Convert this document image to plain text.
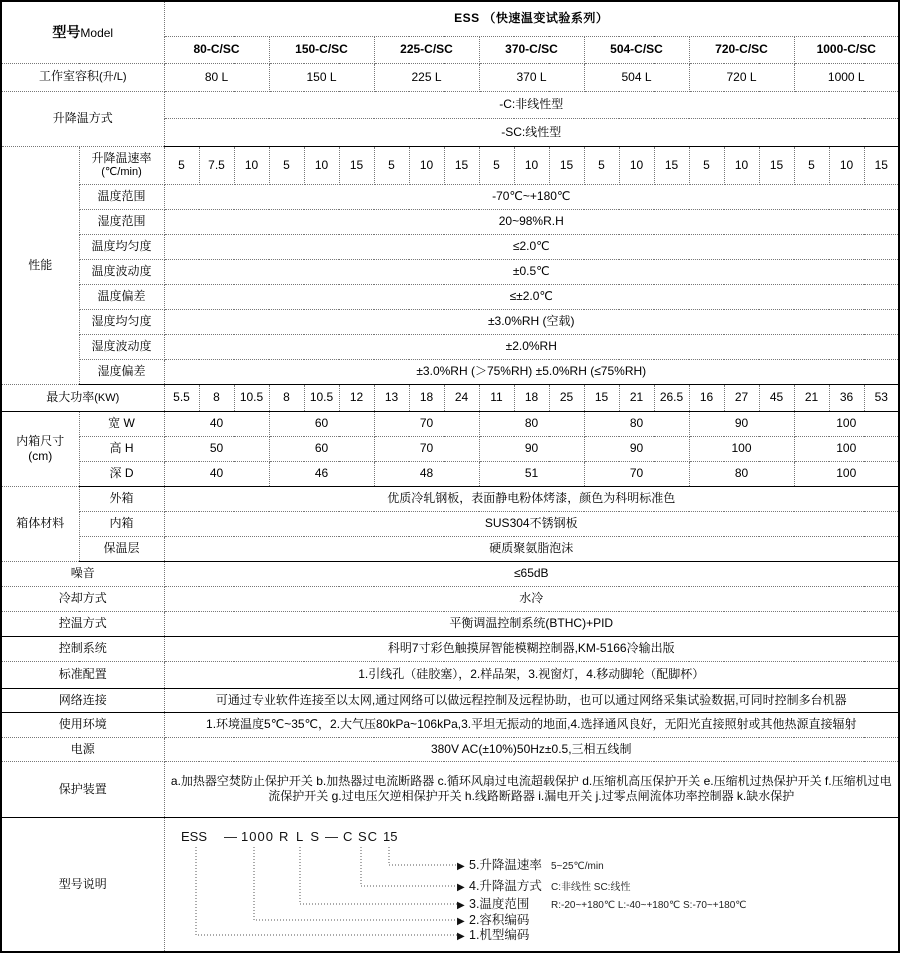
型号Model		ESS （快速温变试验系列）																				
		80-C/SC			150-C/SC			225-C/SC			370-C/SC			504-C/SC			720-C/SC			1000-C/SC		
工作室容积(升/L)		80 L			150 L			225 L			370 L			504 L			720 L			1000 L		
升降温方式		-C:非线性型																				
		-SC:线性型																				
性能	升降温速率
(℃/min)	5	7.5	10	5	10	15	5	10	15	5	10	15	5	10	15	5	10	15	5	10	15
	温度范围	-70℃~+180℃																				
	湿度范围	20~98%R.H																				
	温度均匀度	≤2.0℃																				
	温度波动度	±0.5℃																				
	温度偏差	≤±2.0℃																				
	湿度均匀度	±3.0%RH (空载)																				
	湿度波动度	±2.0%RH																				
	湿度偏差	±3.0%RH (＞75%RH) ±5.0%RH (≤75%RH)																				
最大功率(KW)		5.5	8	10.5	8	10.5	12	13	18	24	11	18	25	15	21	26.5	16	27	45	21	36	53

内箱尺寸
(cm)	宽 W	40			60			70			80			80			90			100		
	高 H	50			60			70			90			90			100			100		
	深 D	40			46			48			51			70			80			100		
箱体材料	外箱	优质冷轧钢板，表面静电粉体烤漆，颜色为科明标准色																				
	内箱	SUS304不锈钢板																				
	保温层	硬质聚氨脂泡沫																				
噪音		≤65dB																				
冷却方式		水冷																				
控温方式		平衡调温控制系统(BTHC)+PID																				
控制系统		科明7寸彩色触摸屏智能模糊控制器,KM-5166冷输出版																				
标准配置		1.引线孔（硅胶塞），2.样品架，3.视窗灯，4.移动脚轮（配脚杯）																				
网络连接		可通过专业软件连接至以太网,通过网络可以做远程控制及远程协助，也可以通过网络采集试验数据,可同时控制多台机器																				
使用环境		1.环境温度5℃~35℃，2.大气压80kPa~106kPa,3.平坦无振动的地面,4.选择通风良好，无阳光直接照射或其他热源直接辐射																				
电源		380V AC(±10%)50Hz±0.5,三相五线制																				
保护装置		a.加热器空焚防止保护开关 b.加热器过电流断路器 c.循环风扇过电流超载保护 d.压缩机高压保护开关 e.压缩机过热保护开关 f.压缩机过电流保护开关 g.过电压欠逆相保护开关 h.线路断路器 i.漏电开关 j.过零点闸流体功率控制器 k.缺水保护																				
型号说明	
ESS — 1000 R L S — C SC 15
▶
▶
▶
▶
▶
5.升降温速率
4.升降温方式
3.温度范围
2.容积编码
1.机型编码
5~25℃/min
C:非线性 SC:线性
R:-20~+180℃ L:-40~+180℃ S:-70~+180℃
